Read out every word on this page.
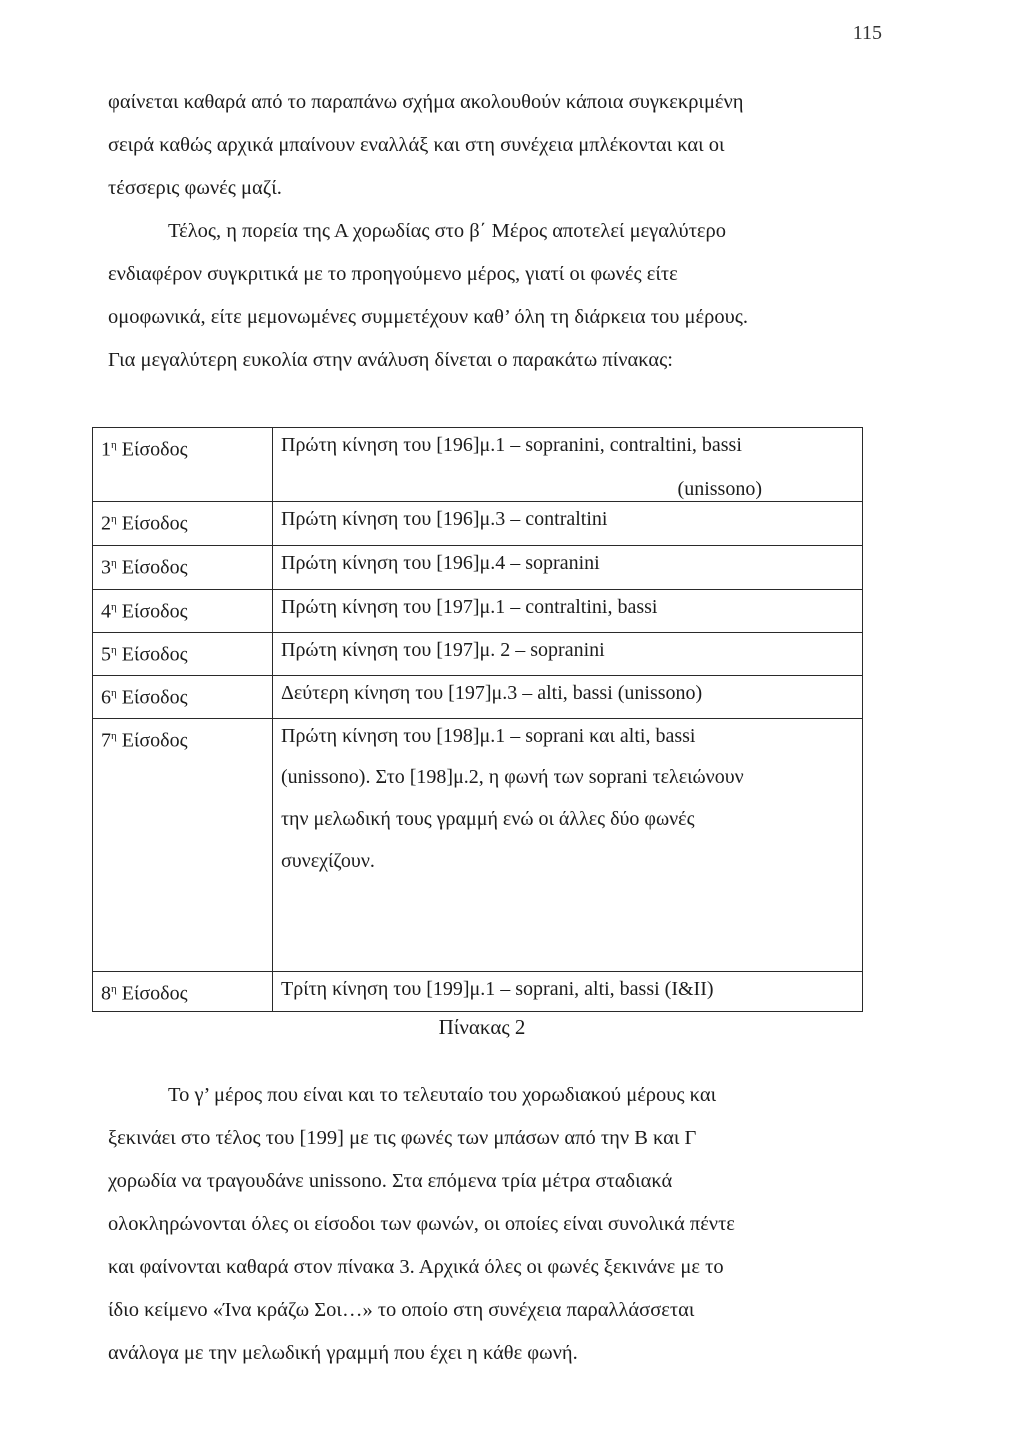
115
φαίνεται καθαρά από το παραπάνω σχήμα ακολουθούν κάποια συγκεκριμένη
σειρά καθώς αρχικά μπαίνουν εναλλάξ και στη συνέχεια μπλέκονται και οι
τέσσερις φωνές μαζί.
Τέλος, η πορεία της Α χορωδίας στο β΄ Μέρος αποτελεί μεγαλύτερο
ενδιαφέρον συγκριτικά με το προηγούμενο μέρος, γιατί οι φωνές είτε
ομοφωνικά, είτε μεμονωμένες συμμετέχουν καθ’ όλη τη διάρκεια του μέρους.
Για μεγαλύτερη ευκολία στην ανάλυση δίνεται ο παρακάτω πίνακας:
$1^\eta$ Είσοδος	Πρώτη κίνηση του [196]μ.1 – sopranini, contraltini, bassi
(unissono)

$2^\eta$ Είσοδος	Πρώτη κίνηση του [196]μ.3 – contraltini

$3^\eta$ Είσοδος	Πρώτη κίνηση του [196]μ.4 – sopranini

$4^\eta$ Είσοδος	Πρώτη κίνηση του [197]μ.1 – contraltini, bassi

$5^\eta$ Είσοδος	Πρώτη κίνηση του [197]μ. 2 – sopranini

$6^\eta$ Είσοδος	Δεύτερη κίνηση του [197]μ.3 – alti, bassi (unissono)

$7^\eta$ Είσοδος	Πρώτη κίνηση του [198]μ.1 – soprani και alti, bassi
(unissono). Στο [198]μ.2, η φωνή των soprani τελειώνουν
την μελωδική τους γραμμή ενώ οι άλλες δύο φωνές
συνεχίζουν.

$8^\eta$ Είσοδος	Τρίτη κίνηση του [199]μ.1 – soprani, alti, bassi (Ι&ΙΙ)
Πίνακας 2
Το γ’ μέρος που είναι και το τελευταίο του χορωδιακού μέρους και
ξεκινάει στο τέλος του [199] με τις φωνές των μπάσων από την Β και Γ
χορωδία να τραγουδάνε unissono. Στα επόμενα τρία μέτρα σταδιακά
ολοκληρώνονται όλες οι είσοδοι των φωνών, οι οποίες είναι συνολικά πέντε
και φαίνονται καθαρά στον πίνακα 3. Αρχικά όλες οι φωνές ξεκινάνε με το
ίδιο κείμενο «Ίνα κράζω Σοι…» το οποίο στη συνέχεια παραλλάσσεται
ανάλογα με την μελωδική γραμμή που έχει η κάθε φωνή.
